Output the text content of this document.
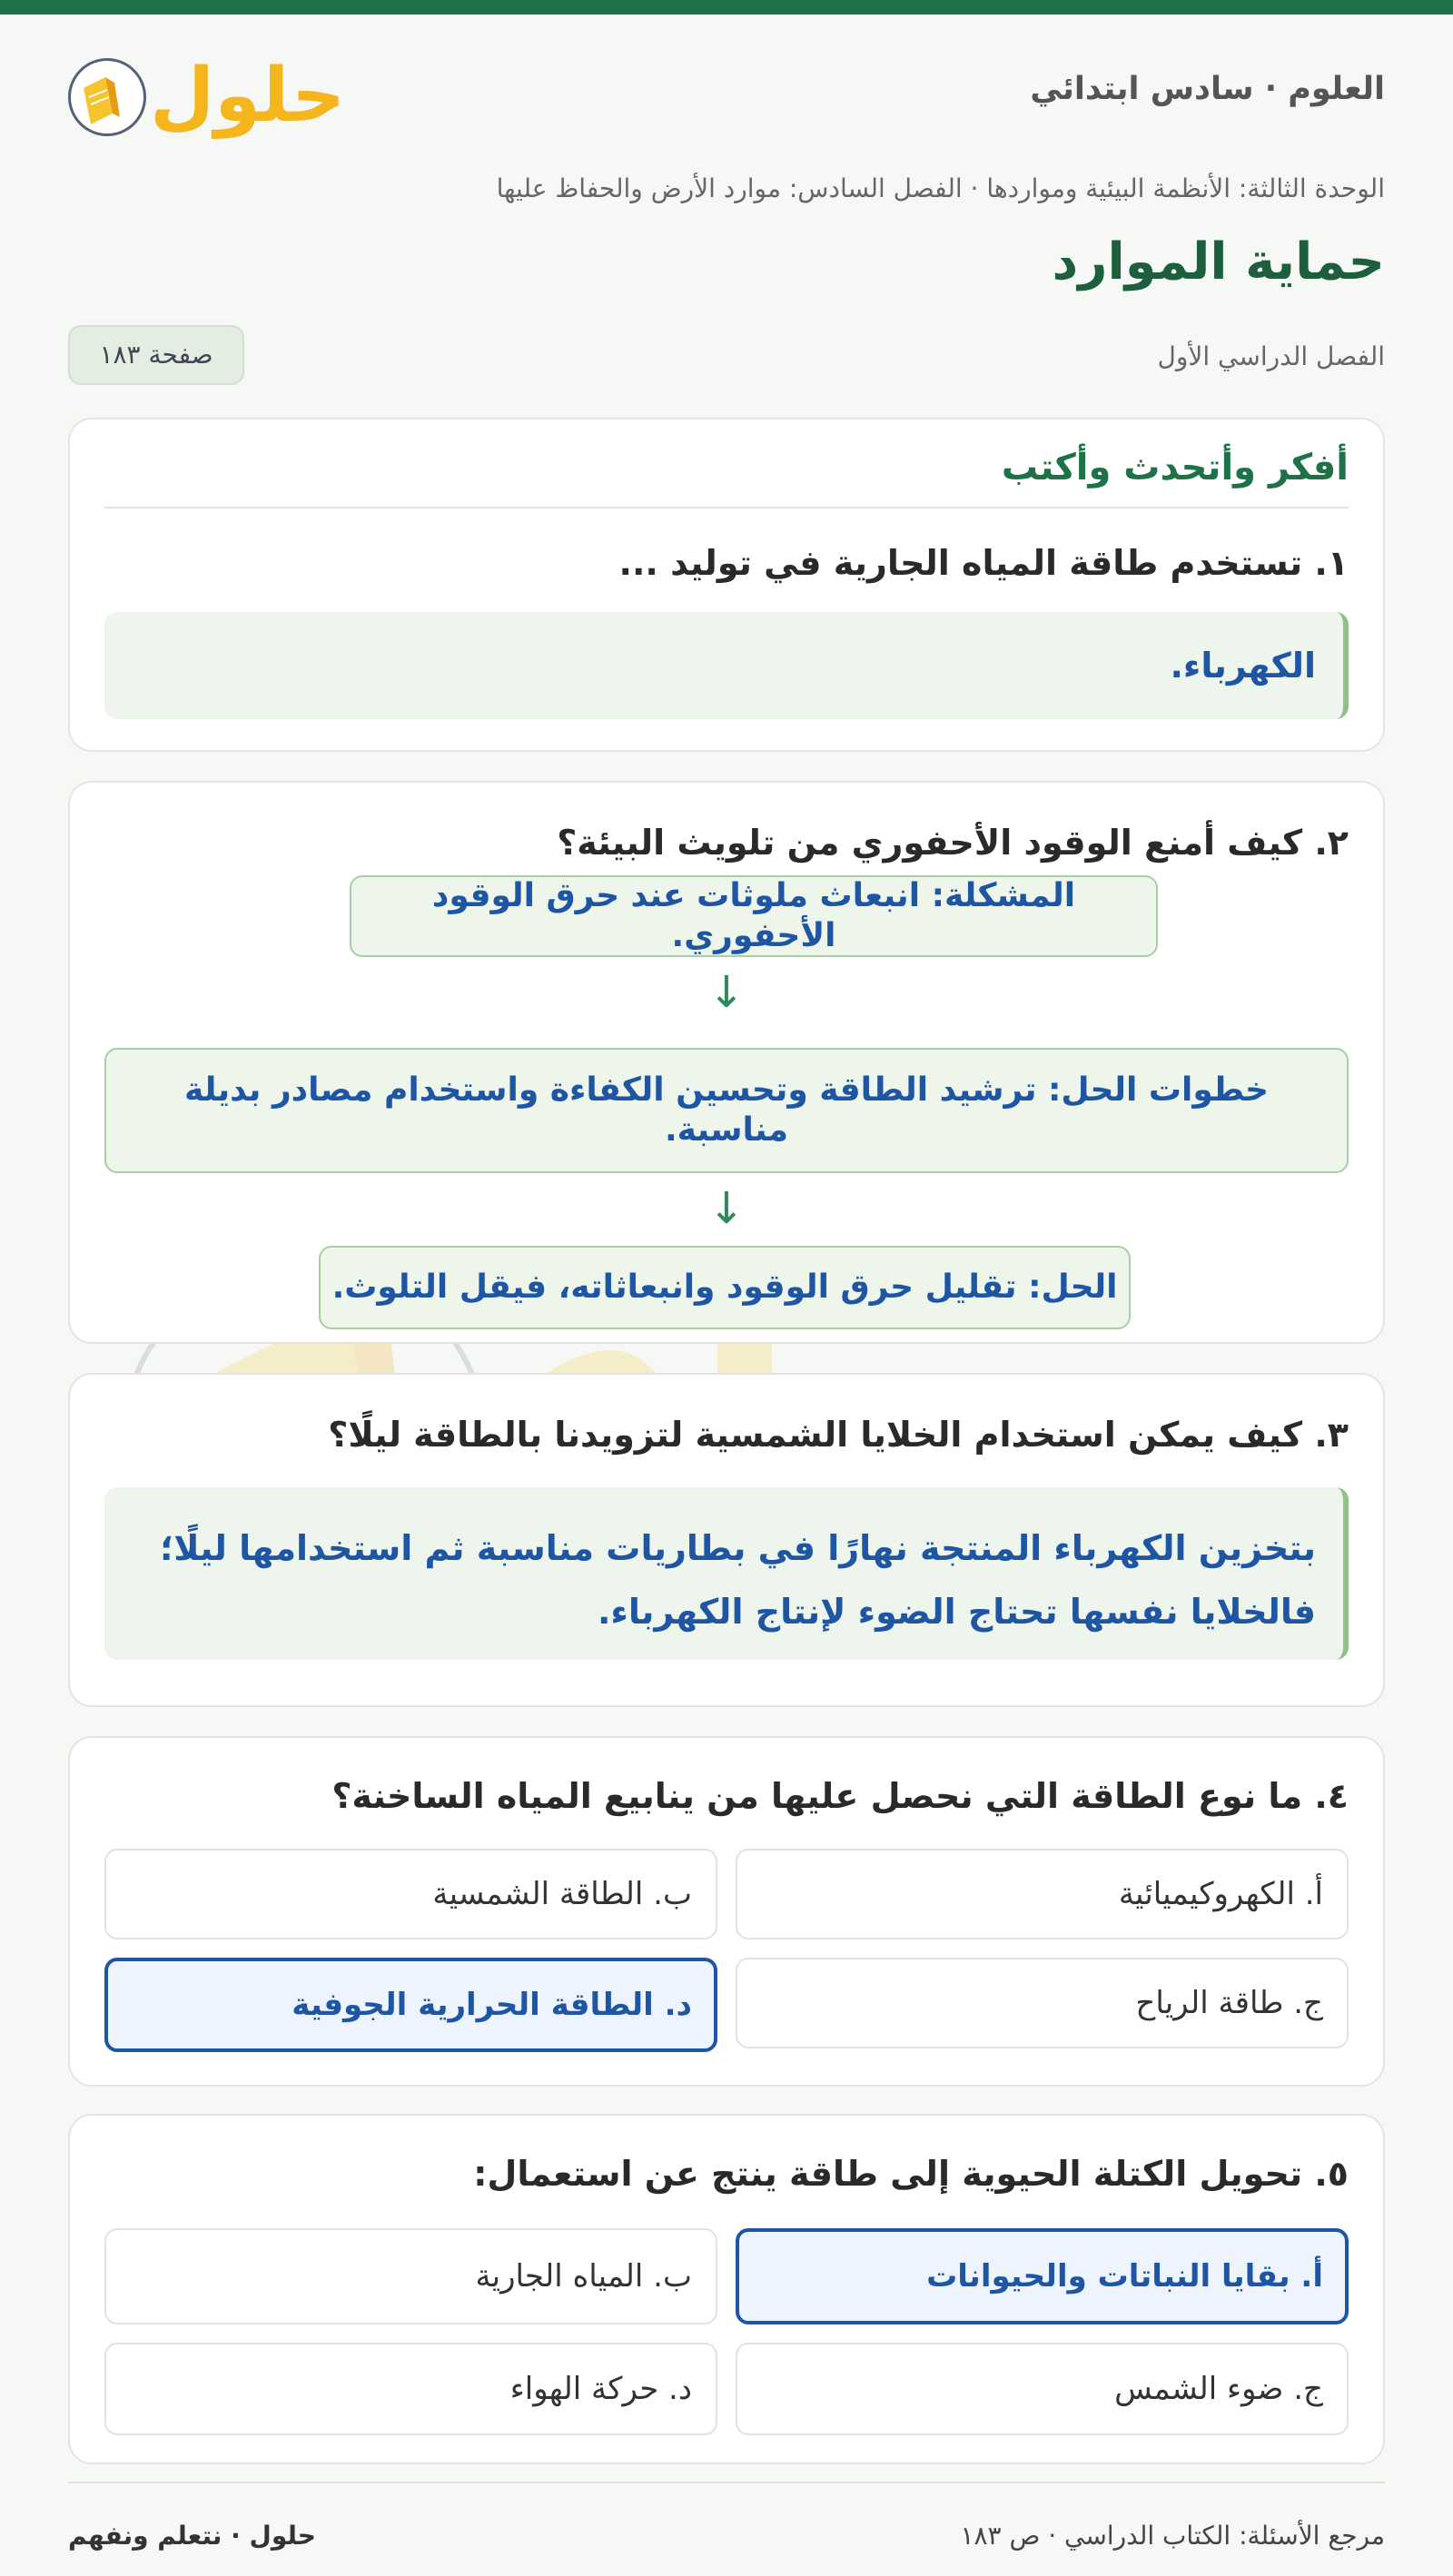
العلوم · سادس ابتدائي
حلول
الوحدة الثالثة: الأنظمة البيئية ومواردها · الفصل السادس: موارد الأرض والحفاظ عليها
حماية الموارد
الفصل الدراسي الأول
صفحة ١٨٣
أفكر وأتحدث وأكتب
١. تستخدم طاقة المياه الجارية في توليد ...
الكهرباء.
٢. كيف أمنع الوقود الأحفوري من تلويث البيئة؟
المشكلة: انبعاث ملوثات عند حرق الوقود الأحفوري.
↓
خطوات الحل: ترشيد الطاقة وتحسين الكفاءة واستخدام مصادر بديلة مناسبة.
↓
الحل: تقليل حرق الوقود وانبعاثاته، فيقل التلوث.
٣. كيف يمكن استخدام الخلايا الشمسية لتزويدنا بالطاقة ليلًا؟
بتخزين الكهرباء المنتجة نهارًا في بطاريات مناسبة ثم استخدامها ليلًا؛
فالخلايا نفسها تحتاج الضوء لإنتاج الكهرباء.
٤. ما نوع الطاقة التي نحصل عليها من ينابيع المياه الساخنة؟
أ. الكهروكيميائية
ب. الطاقة الشمسية
ج. طاقة الرياح
د. الطاقة الحرارية الجوفية
٥. تحويل الكتلة الحيوية إلى طاقة ينتج عن استعمال:
أ. بقايا النباتات والحيوانات
ب. المياه الجارية
ج. ضوء الشمس
د. حركة الهواء
مرجع الأسئلة: الكتاب الدراسي · ص ١٨٣
حلول · نتعلم ونفهم
